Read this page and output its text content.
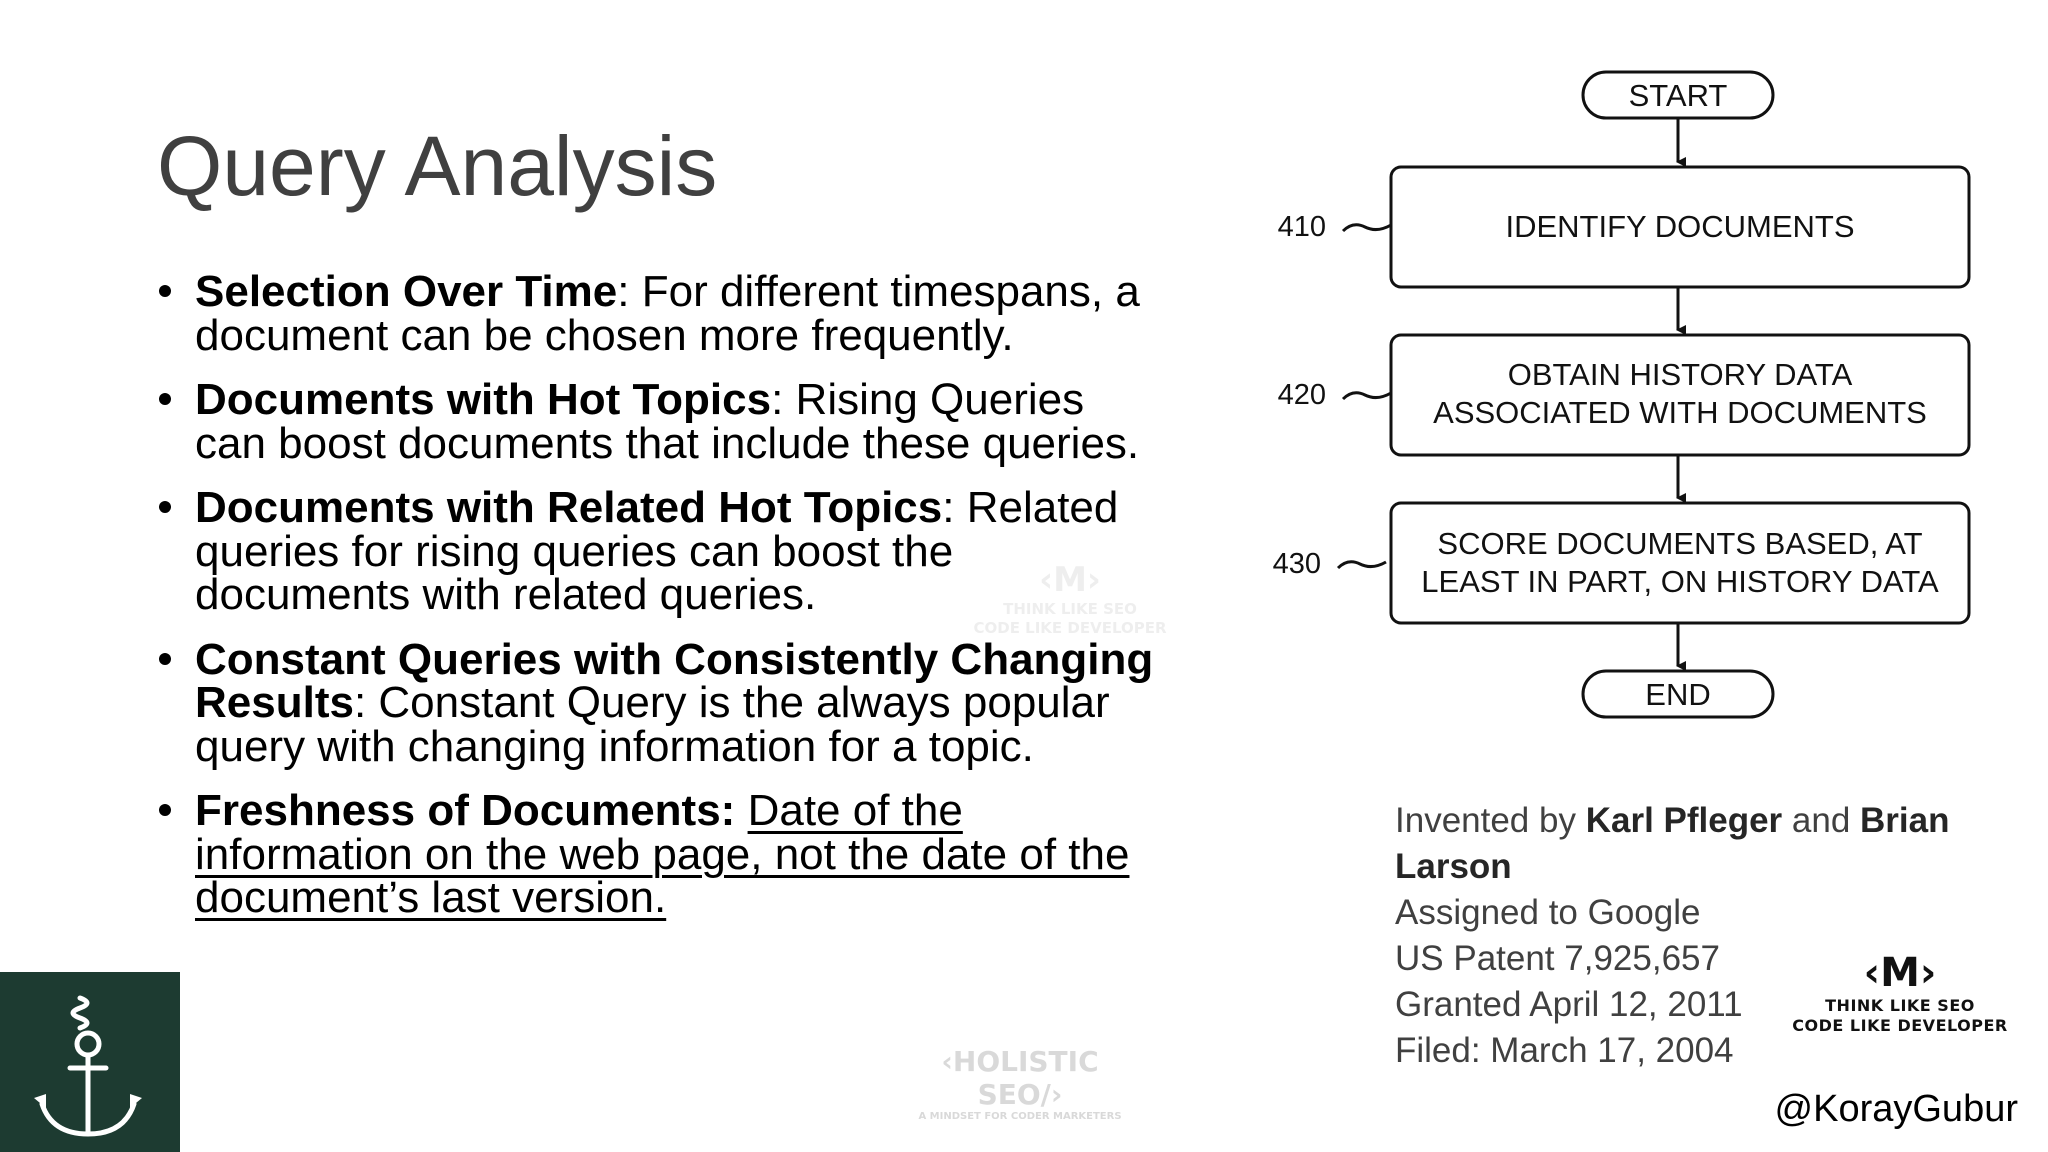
Query Analysis
Selection Over Time: For different timespans, a document can be chosen more frequently.
Documents with Hot Topics: Rising Queries can boost documents that include these queries.
Documents with Related Hot Topics: Related queries for rising queries can boost the documents with related queries.
Constant Queries with Consistently Changing Results: Constant Query is the always popular query with changing information for a topic.
Freshness of Documents: Date of the information on the web page, not the date of the document’s last version.
‹M›
THINK LIKE SEO
CODE LIKE DEVELOPER
START
IDENTIFY DOCUMENTS
OBTAIN HISTORY DATA
ASSOCIATED WITH DOCUMENTS
SCORE DOCUMENTS BASED, AT
LEAST IN PART, ON HISTORY DATA
END
410
420
430
Invented by Karl Pfleger and Brian Larson
Assigned to Google
US Patent 7,925,657
Granted April 12, 2011
Filed: March 17, 2004
‹M›
THINK LIKE SEO
CODE LIKE DEVELOPER
‹HOLISTIC SEO/›
A MINDSET FOR CODER MARKETERS	@KorayGubur
